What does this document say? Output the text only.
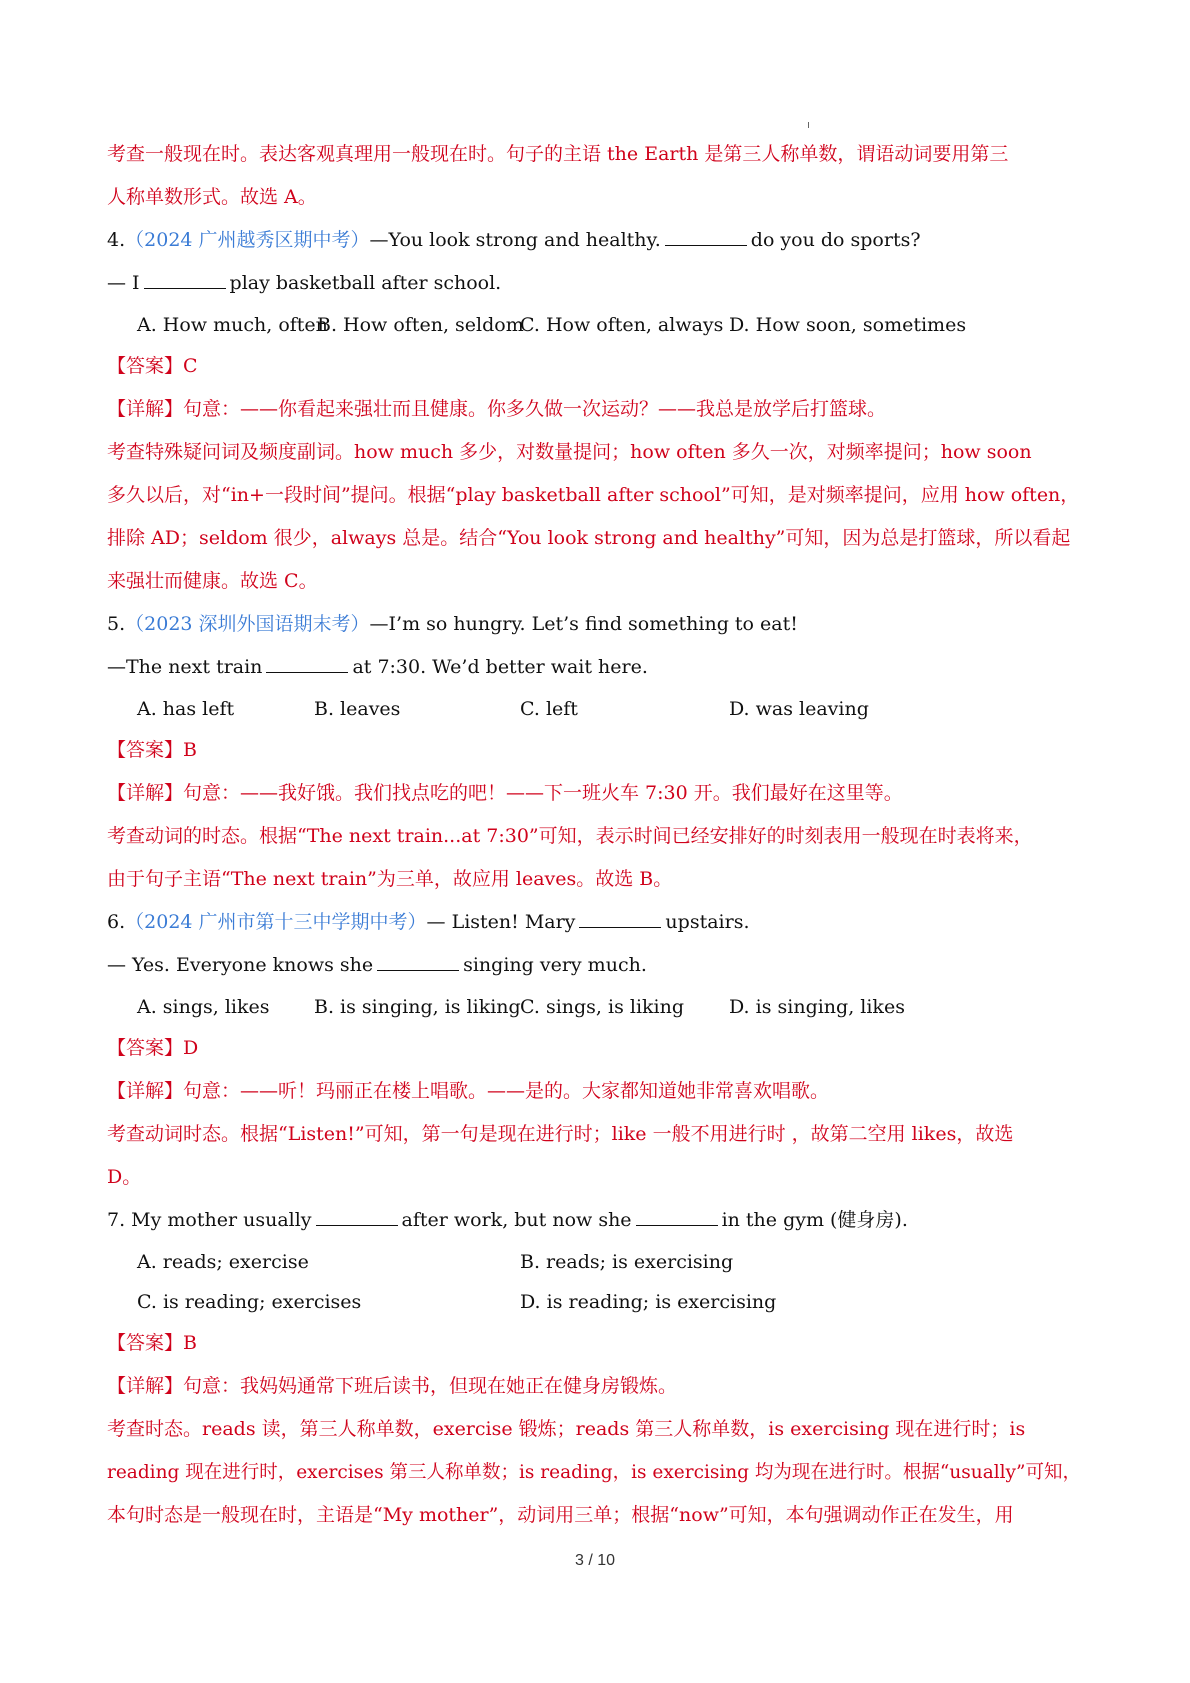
考查一般现在时。表达客观真理用一般现在时。句子的主语 the Earth 是第三人称单数，谓语动词要用第三
人称单数形式。故选 A。
4.（2024 广州越秀区期中考）—You look strong and healthy.	do you do sports?
— I	play basketball after school.
A. How much, often
B. How often, seldom
C. How often, always D. How soon, sometimes
【答案】C
【详解】句意：——你看起来强壮而且健康。你多久做一次运动？——我总是放学后打篮球。
考查特殊疑问词及频度副词。how much 多少，对数量提问；how often 多久一次，对频率提问；how soon
多久以后，对“in+一段时间”提问。根据“play basketball after school”可知，是对频率提问，应用 how often，
排除 AD；seldom 很少，always 总是。结合“You look strong and healthy”可知，因为总是打篮球，所以看起
来强壮而健康。故选 C。
5.（2023 深圳外国语期末考）—I’m so hungry. Let’s find something to eat!
—The next train	at 7:30. We’d better wait here.
A. has left	B. leaves	C. left	D. was leaving
【答案】B
【详解】句意：——我好饿。我们找点吃的吧！——下一班火车 7:30 开。我们最好在这里等。
考查动词的时态。根据“The next train...at 7:30”可知，表示时间已经安排好的时刻表用一般现在时表将来，
由于句子主语“The next train”为三单，故应用 leaves。故选 B。
6.（2024 广州市第十三中学期中考）— Listen! Mary	upstairs.
— Yes. Everyone knows she	singing very much.
A. sings, likes B. is singing, is liking C. sings, is liking D. is singing, likes
【答案】D
【详解】句意：——听！玛丽正在楼上唱歌。——是的。大家都知道她非常喜欢唱歌。
考查动词时态。根据“Listen!”可知，第一句是现在进行时；like 一般不用进行时 ，故第二空用 likes，故选
D。
7. My mother usually	after work, but now she	in the gym (健身房).
A. reads; exercise	B. reads; is exercising
C. is reading; exercises	D. is reading; is exercising
【答案】B
【详解】句意：我妈妈通常下班后读书，但现在她正在健身房锻炼。
考查时态。reads 读，第三人称单数，exercise 锻炼；reads 第三人称单数，is exercising 现在进行时；is
reading 现在进行时，exercises 第三人称单数；is reading，is exercising 均为现在进行时。根据“usually”可知，
本句时态是一般现在时，主语是“My mother”，动词用三单；根据“now”可知，本句强调动作正在发生，用
3 / 10
